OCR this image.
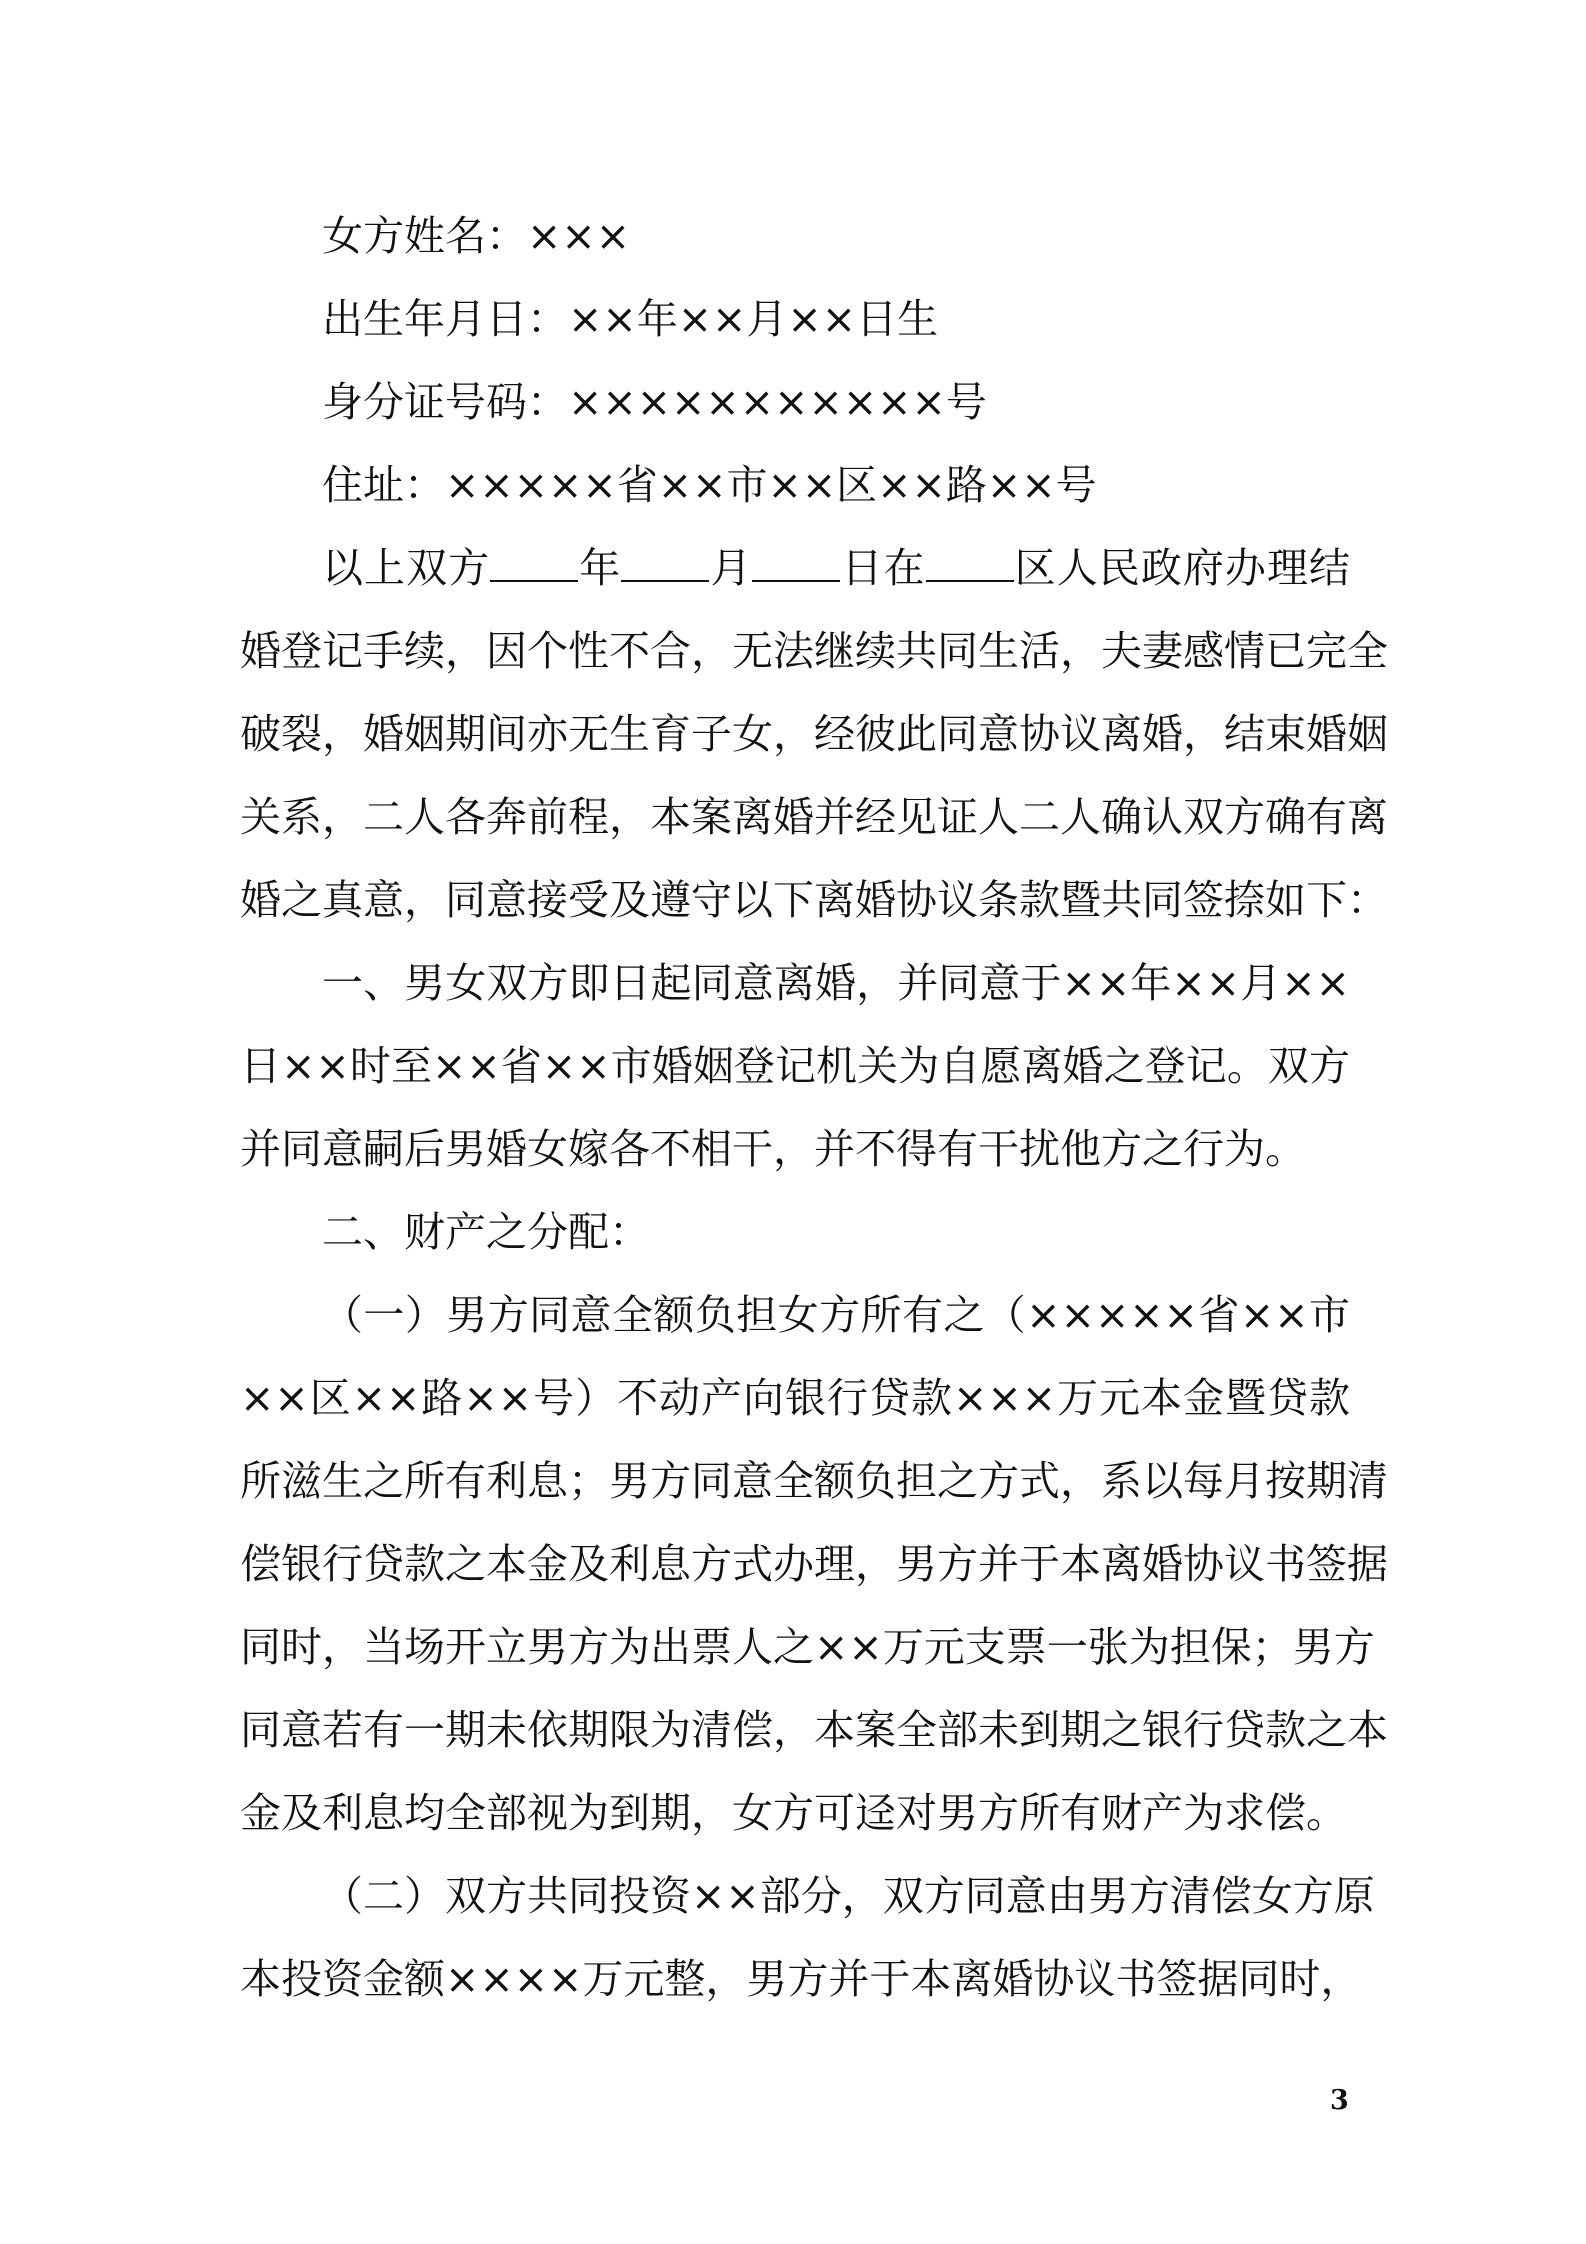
女方姓名：×××

出生年月日：××年××月××日生

身分证号码：×××××××××××号

住址：×××××省××市××区××路××号

以上双方 年 月 日在 区人民政府办理结

婚登记手续，因个性不合，无法继续共同生活，夫妻感情已完全

破裂，婚姻期间亦无生育子女，经彼此同意协议离婚，结束婚姻

关系，二人各奔前程，本案离婚并经见证人二人确认双方确有离

婚之真意，同意接受及遵守以下离婚协议条款暨共同签捺如下：

一、男女双方即日起同意离婚，并同意于××年××月××

日××时至××省××市婚姻登记机关为自愿离婚之登记。双方

并同意嗣后男婚女嫁各不相干，并不得有干扰他方之行为。

二、财产之分配：

（一）男方同意全额负担女方所有之（×××××省××市

××区××路××号）不动产向银行贷款×××万元本金暨贷款

所滋生之所有利息；男方同意全额负担之方式，系以每月按期清

偿银行贷款之本金及利息方式办理，男方并于本离婚协议书签据

同时，当场开立男方为出票人之××万元支票一张为担保；男方

同意若有一期未依期限为清偿，本案全部未到期之银行贷款之本

金及利息均全部视为到期，女方可迳对男方所有财产为求偿。

（二）双方共同投资××部分，双方同意由男方清偿女方原

本投资金额××××万元整，男方并于本离婚协议书签据同时，

3
